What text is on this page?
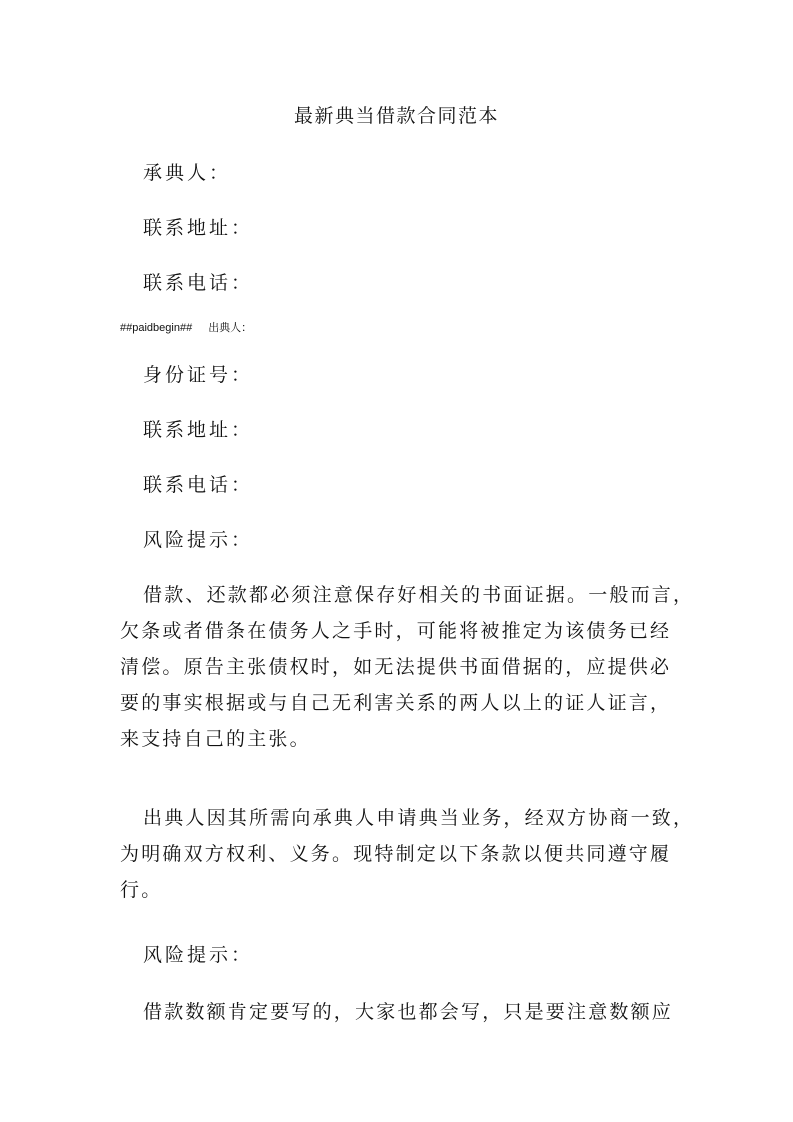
最新典当借款合同范本
承典人：
联系地址：
联系电话：
##paidbegin## 出典人：
身份证号：
联系地址：
联系电话：
风险提示：
借款、还款都必须注意保存好相关的书面证据。一般而言，
欠条或者借条在债务人之手时，可能将被推定为该债务已经
清偿。原告主张债权时，如无法提供书面借据的，应提供必
要的事实根据或与自己无利害关系的两人以上的证人证言，
来支持自己的主张。
出典人因其所需向承典人申请典当业务，经双方协商一致，
为明确双方权利、义务。现特制定以下条款以便共同遵守履
行。
风险提示：
借款数额肯定要写的，大家也都会写，只是要注意数额应
